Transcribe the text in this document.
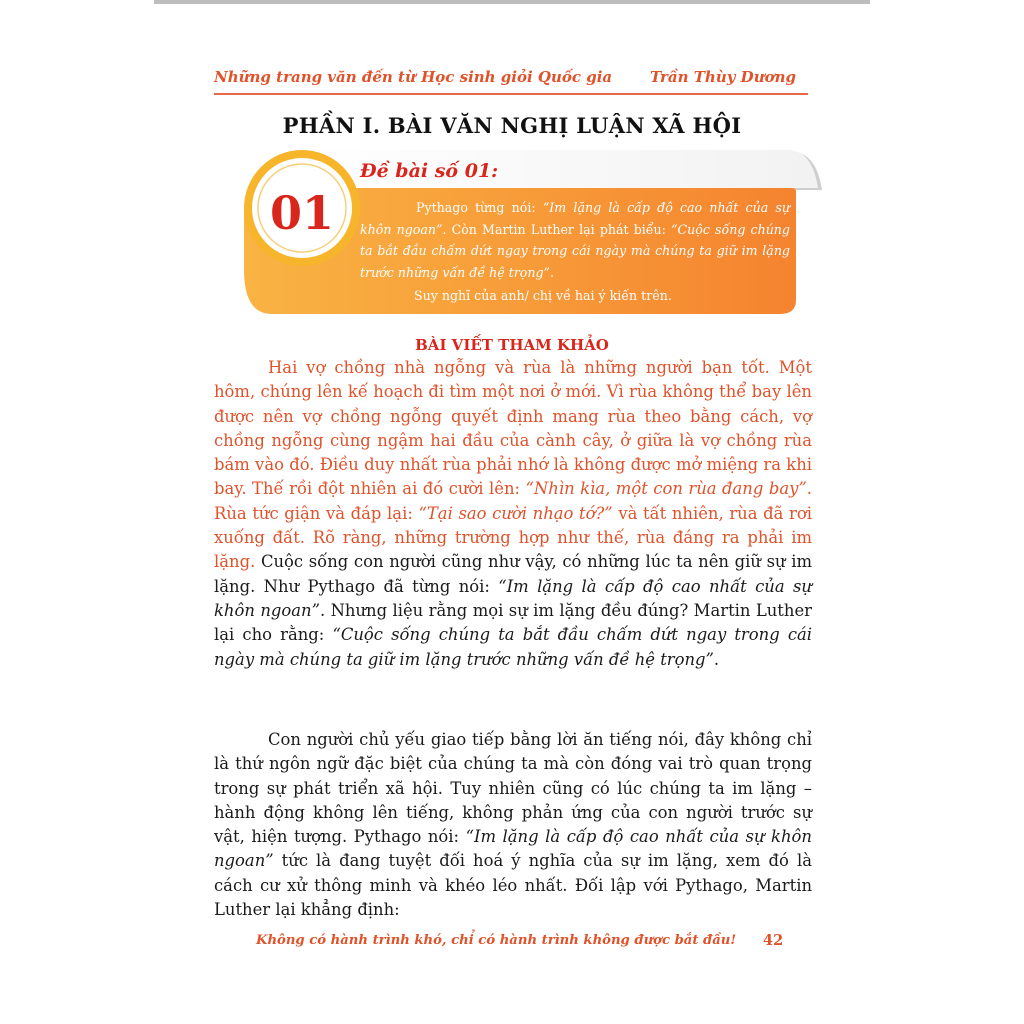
Những trang văn đến từ Học sinh giỏi Quốc gia	Trần Thùy Dương
PHẦN I. BÀI VĂN NGHỊ LUẬN XÃ HỘI
01
Đề bài số 01:
Pythago từng nói: “Im lặng là cấp độ cao nhất của sự khôn ngoan”. Còn Martin Luther lại phát biểu: “Cuộc sống chúng ta bắt đầu chấm dứt ngay trong cái ngày mà chúng ta giữ im lặng trước những vấn đề hệ trọng”.
Suy nghĩ của anh/ chị về hai ý kiến trên.
BÀI VIẾT THAM KHẢO
Hai vợ chồng nhà ngỗng và rùa là những người bạn tốt. Một hôm, chúng lên kế hoạch đi tìm một nơi ở mới. Vì rùa không thể bay lên được nên vợ chồng ngỗng quyết định mang rùa theo bằng cách, vợ chồng ngỗng cùng ngậm hai đầu của cành cây, ở giữa là vợ chồng rùa bám vào đó. Điều duy nhất rùa phải nhớ là không được mở miệng ra khi bay. Thế rồi đột nhiên ai đó cười lên: “Nhìn kìa, một con rùa đang bay”. Rùa tức giận và đáp lại: “Tại sao cười nhạo tớ?” và tất nhiên, rùa đã rơi xuống đất. Rõ ràng, những trường hợp như thế, rùa đáng ra phải im lặng. Cuộc sống con người cũng như vậy, có những lúc ta nên giữ sự im lặng. Như Pythago đã từng nói: “Im lặng là cấp độ cao nhất của sự khôn ngoan”. Nhưng liệu rằng mọi sự im lặng đều đúng? Martin Luther lại cho rằng: “Cuộc sống chúng ta bắt đầu chấm dứt ngay trong cái ngày mà chúng ta giữ im lặng trước những vấn đề hệ trọng”.
Con người chủ yếu giao tiếp bằng lời ăn tiếng nói, đây không chỉ là thứ ngôn ngữ đặc biệt của chúng ta mà còn đóng vai trò quan trọng trong sự phát triển xã hội. Tuy nhiên cũng có lúc chúng ta im lặng – hành động không lên tiếng, không phản ứng của con người trước sự vật, hiện tượng. Pythago nói: “Im lặng là cấp độ cao nhất của sự khôn ngoan” tức là đang tuyệt đối hoá ý nghĩa của sự im lặng, xem đó là cách cư xử thông minh và khéo léo nhất. Đối lập với Pythago, Martin Luther lại khẳng định:
Không có hành trình khó, chỉ có hành trình không được bắt đầu! 42
